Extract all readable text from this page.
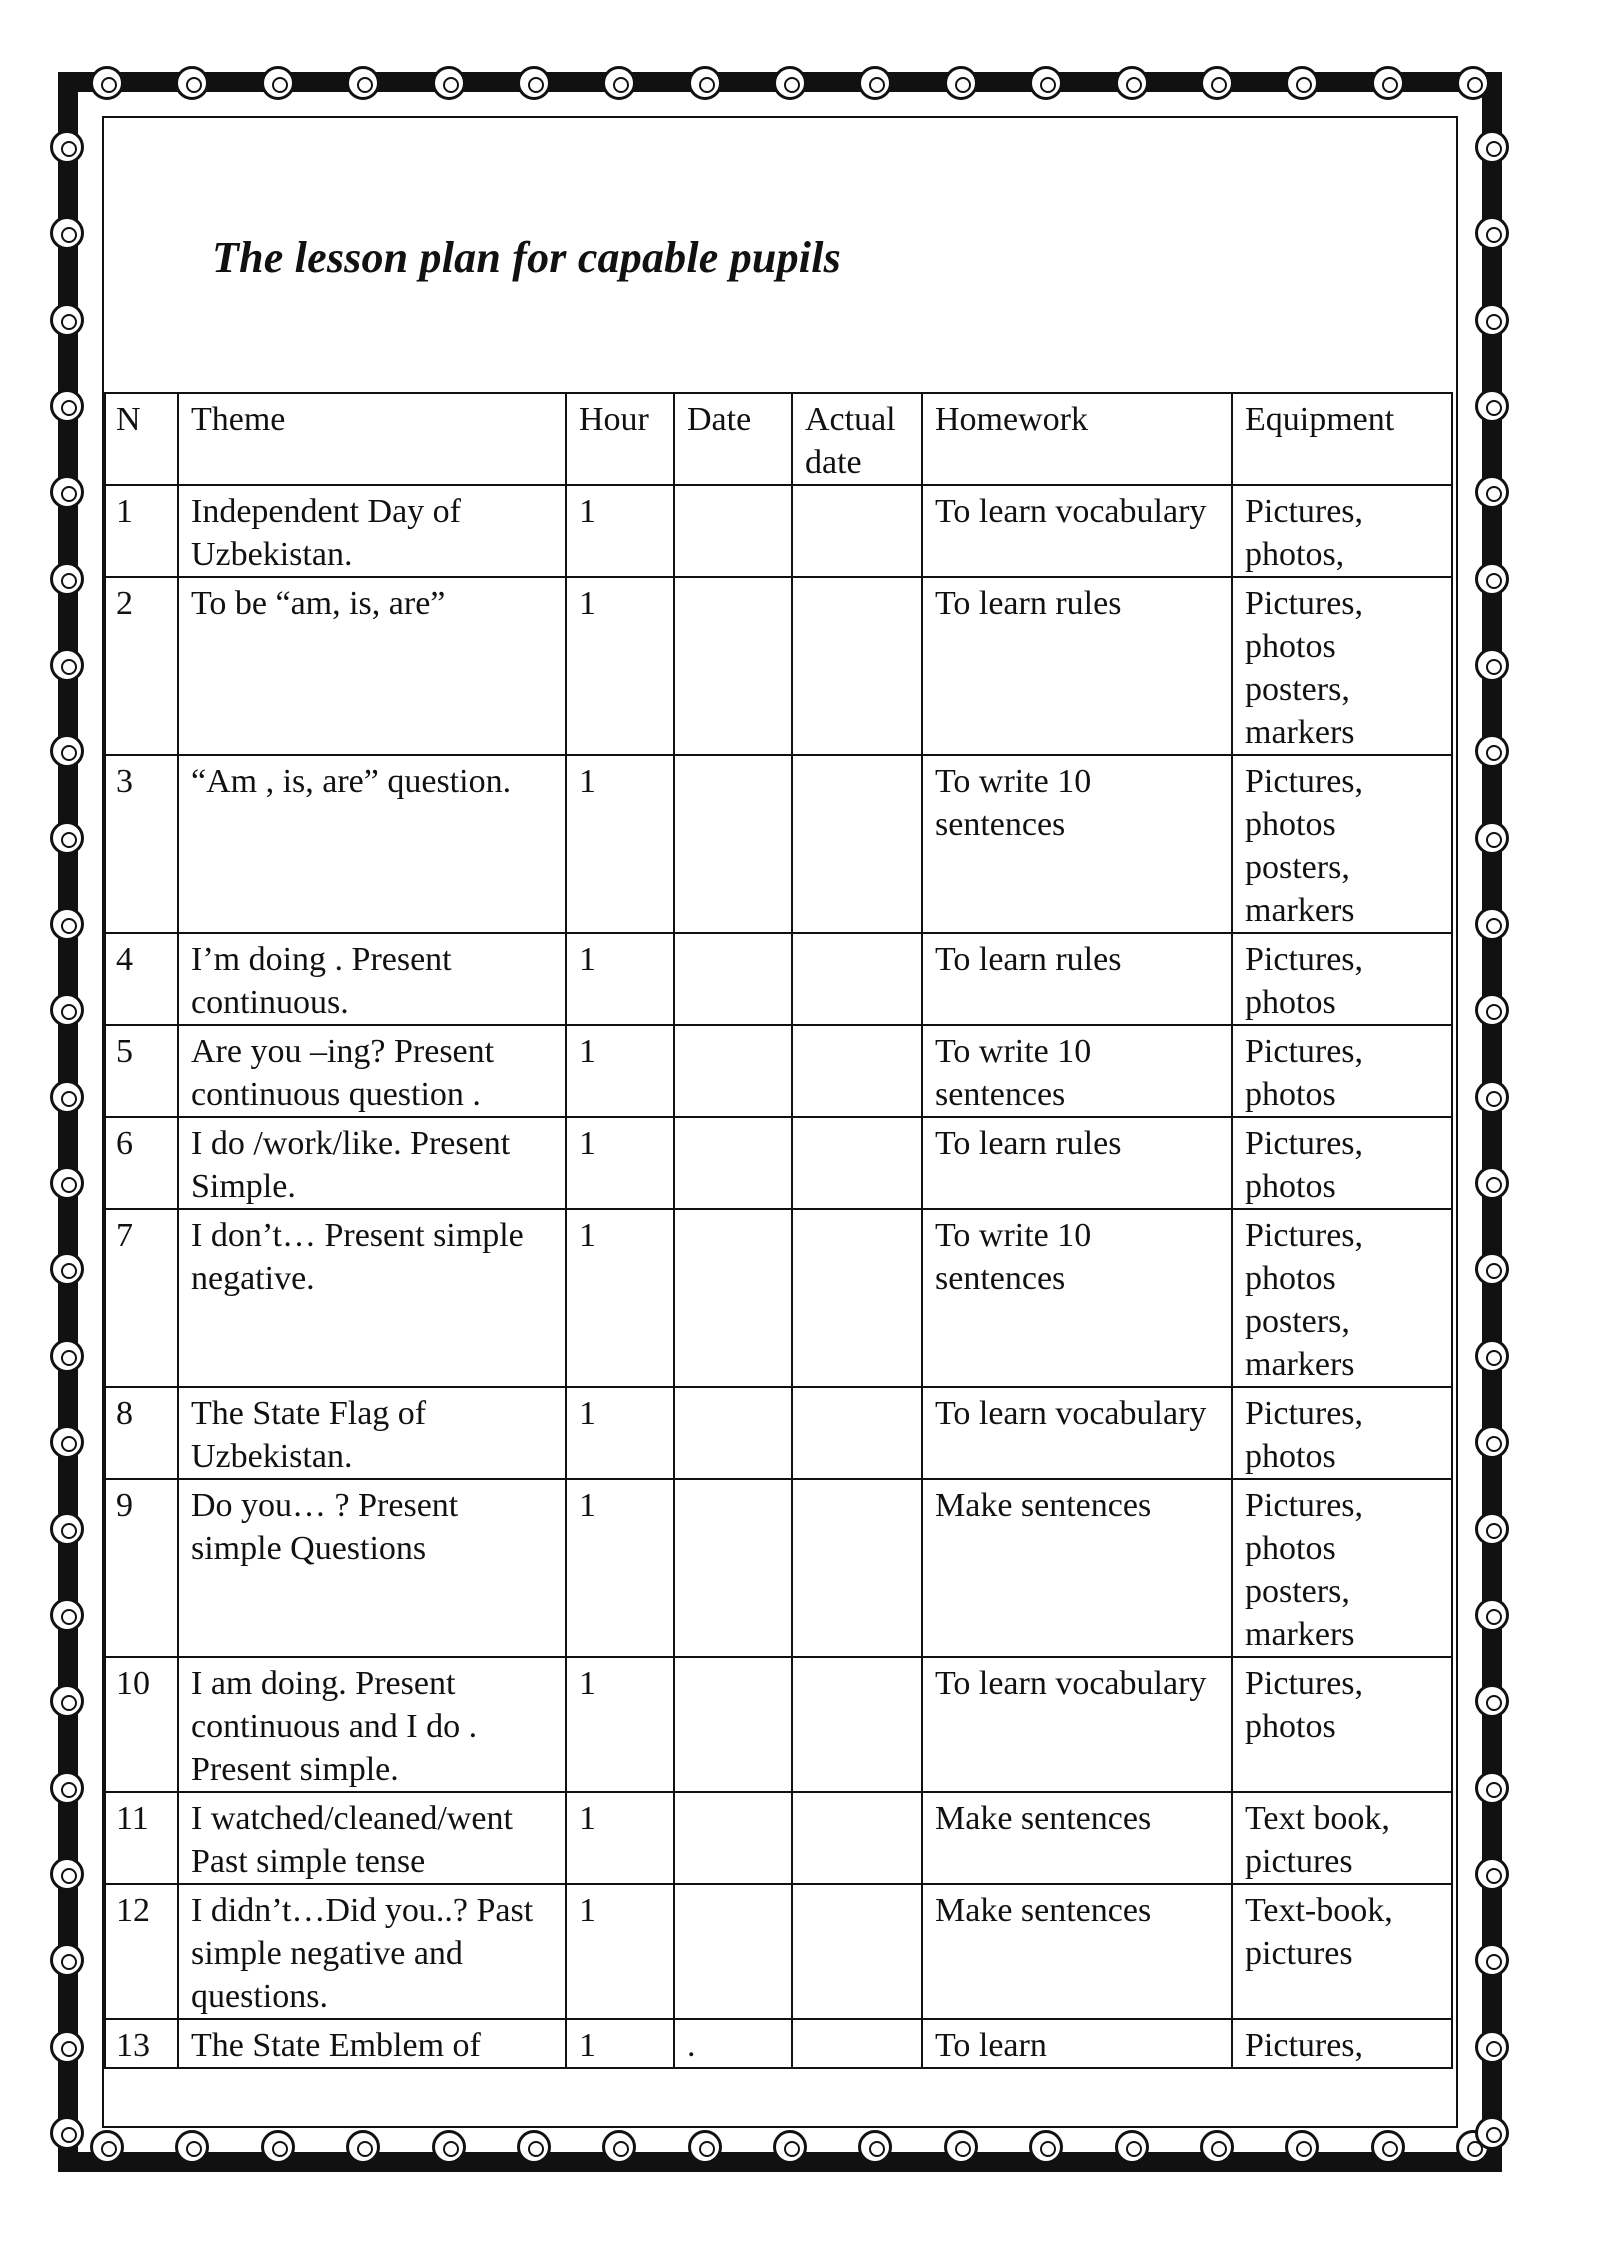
The lesson plan for capable pupils
N	Theme	Hour	Date	Actual date	Homework	Equipment
1	Independent Day of Uzbekistan.	1			To learn vocabulary	Pictures, photos,
2	To be “am, is, are”	1			To learn rules	Pictures, photos posters, markers
3	“Am , is, are” question.	1			To write 10 sentences	Pictures, photos posters, markers
4	I’m doing . Present continuous.	1			To learn rules	Pictures, photos
5	Are you –ing? Present continuous question .	1			To write 10 sentences	Pictures, photos
6	I do /work/like. Present Simple.	1			To learn rules	Pictures, photos
7	I don’t… Present simple negative.	1			To write 10 sentences	Pictures, photos posters, markers
8	The State Flag of Uzbekistan.	1			To learn vocabulary	Pictures, photos
9	Do you… ? Present simple Questions	1			Make sentences	Pictures, photos posters, markers
10	I am doing. Present continuous and I do . Present simple.	1			To learn vocabulary	Pictures, photos
11	I watched/cleaned/went Past simple tense	1			Make sentences	Text book, pictures
12	I didn’t…Did you..? Past simple negative and questions.	1			Make sentences	Text-book, pictures
13	The State Emblem of	1	.		To learn	Pictures,
